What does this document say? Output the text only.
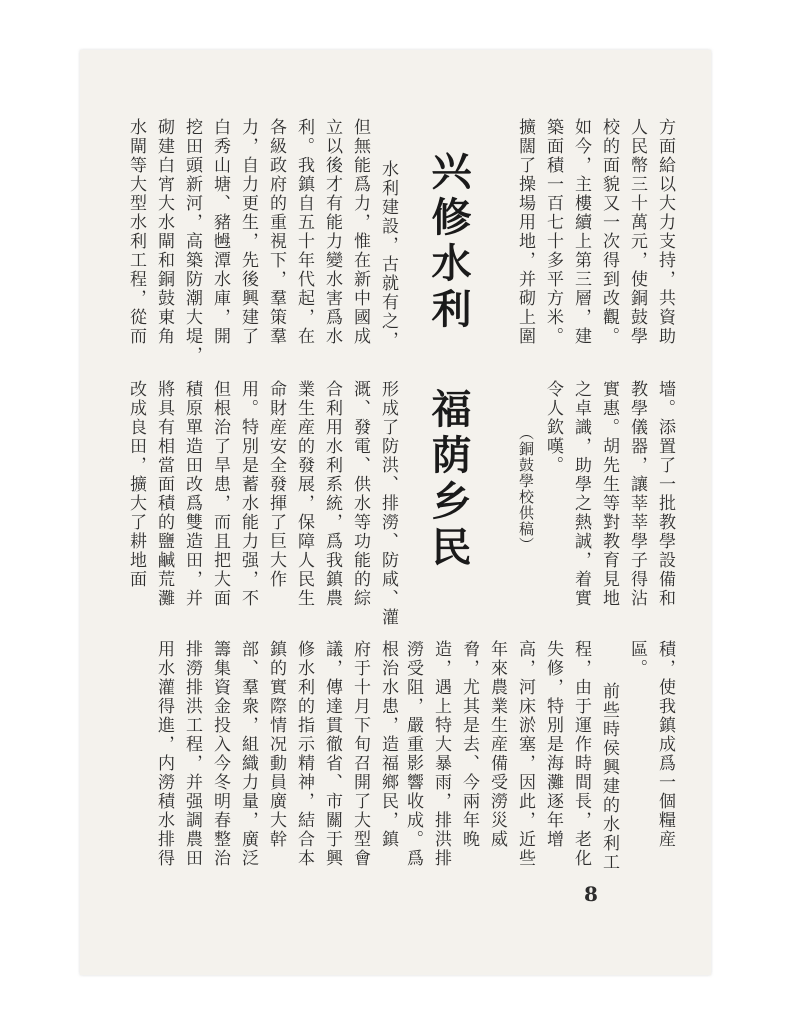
方面給以大力支持，共資助
人民幣三十萬元，使銅鼓學
校的面貌又一次得到改觀。
如今，主樓續上第三層，建
築面積一百七十多平方米。
擴闊了操場用地，并砌上圍
墻。添置了一批教學設備和
教學儀器，讓莘莘學子得沾
實惠。胡先生等對教育見地
之卓識，助學之熱誠，着實
令人欽嘆。
（銅鼓學校供稿）
兴修水利
福荫乡民
水利建設，古就有之，
但無能爲力，惟在新中國成
立以後才有能力變水害爲水
利。我鎮自五十年代起，在
各級政府的重視下，羣策羣
力，自力更生，先後興建了
白秀山塘、豬乸潭水庫，開
挖田頭新河，高築防潮大堤，
砌建白宵大水閘和銅鼓東角
水閘等大型水利工程，從而
形成了防洪、排澇、防咸、灌
溉、發電、供水等功能的綜
合利用水利系統，爲我鎮農
業生産的發展，保障人民生
命財産安全發揮了巨大作
用。特別是蓄水能力强，不
但根治了旱患，而且把大面
積原單造田改爲雙造田，并
將具有相當面積的鹽鹹荒灘
改成良田，擴大了耕地面
積，使我鎮成爲一個糧産
區。
前些時侯興建的水利工
程，由于運作時間長，老化
失修，特別是海灘逐年增
高，河床淤塞，因此，近些
年來農業生産備受澇災威
脅，尤其是去、今兩年晚
造，遇上特大暴雨，排洪排
澇受阻，嚴重影響收成。爲
根治水患，造福鄉民，鎮
府于十月下旬召開了大型會
議，傳達貫徹省、市關于興
修水利的指示精神，結合本
鎮的實際情况動員廣大幹
部、羣衆，組織力量，廣泛
籌集資金投入今冬明春整治
排澇排洪工程，并强調農田
用水灌得進，内澇積水排得
8
